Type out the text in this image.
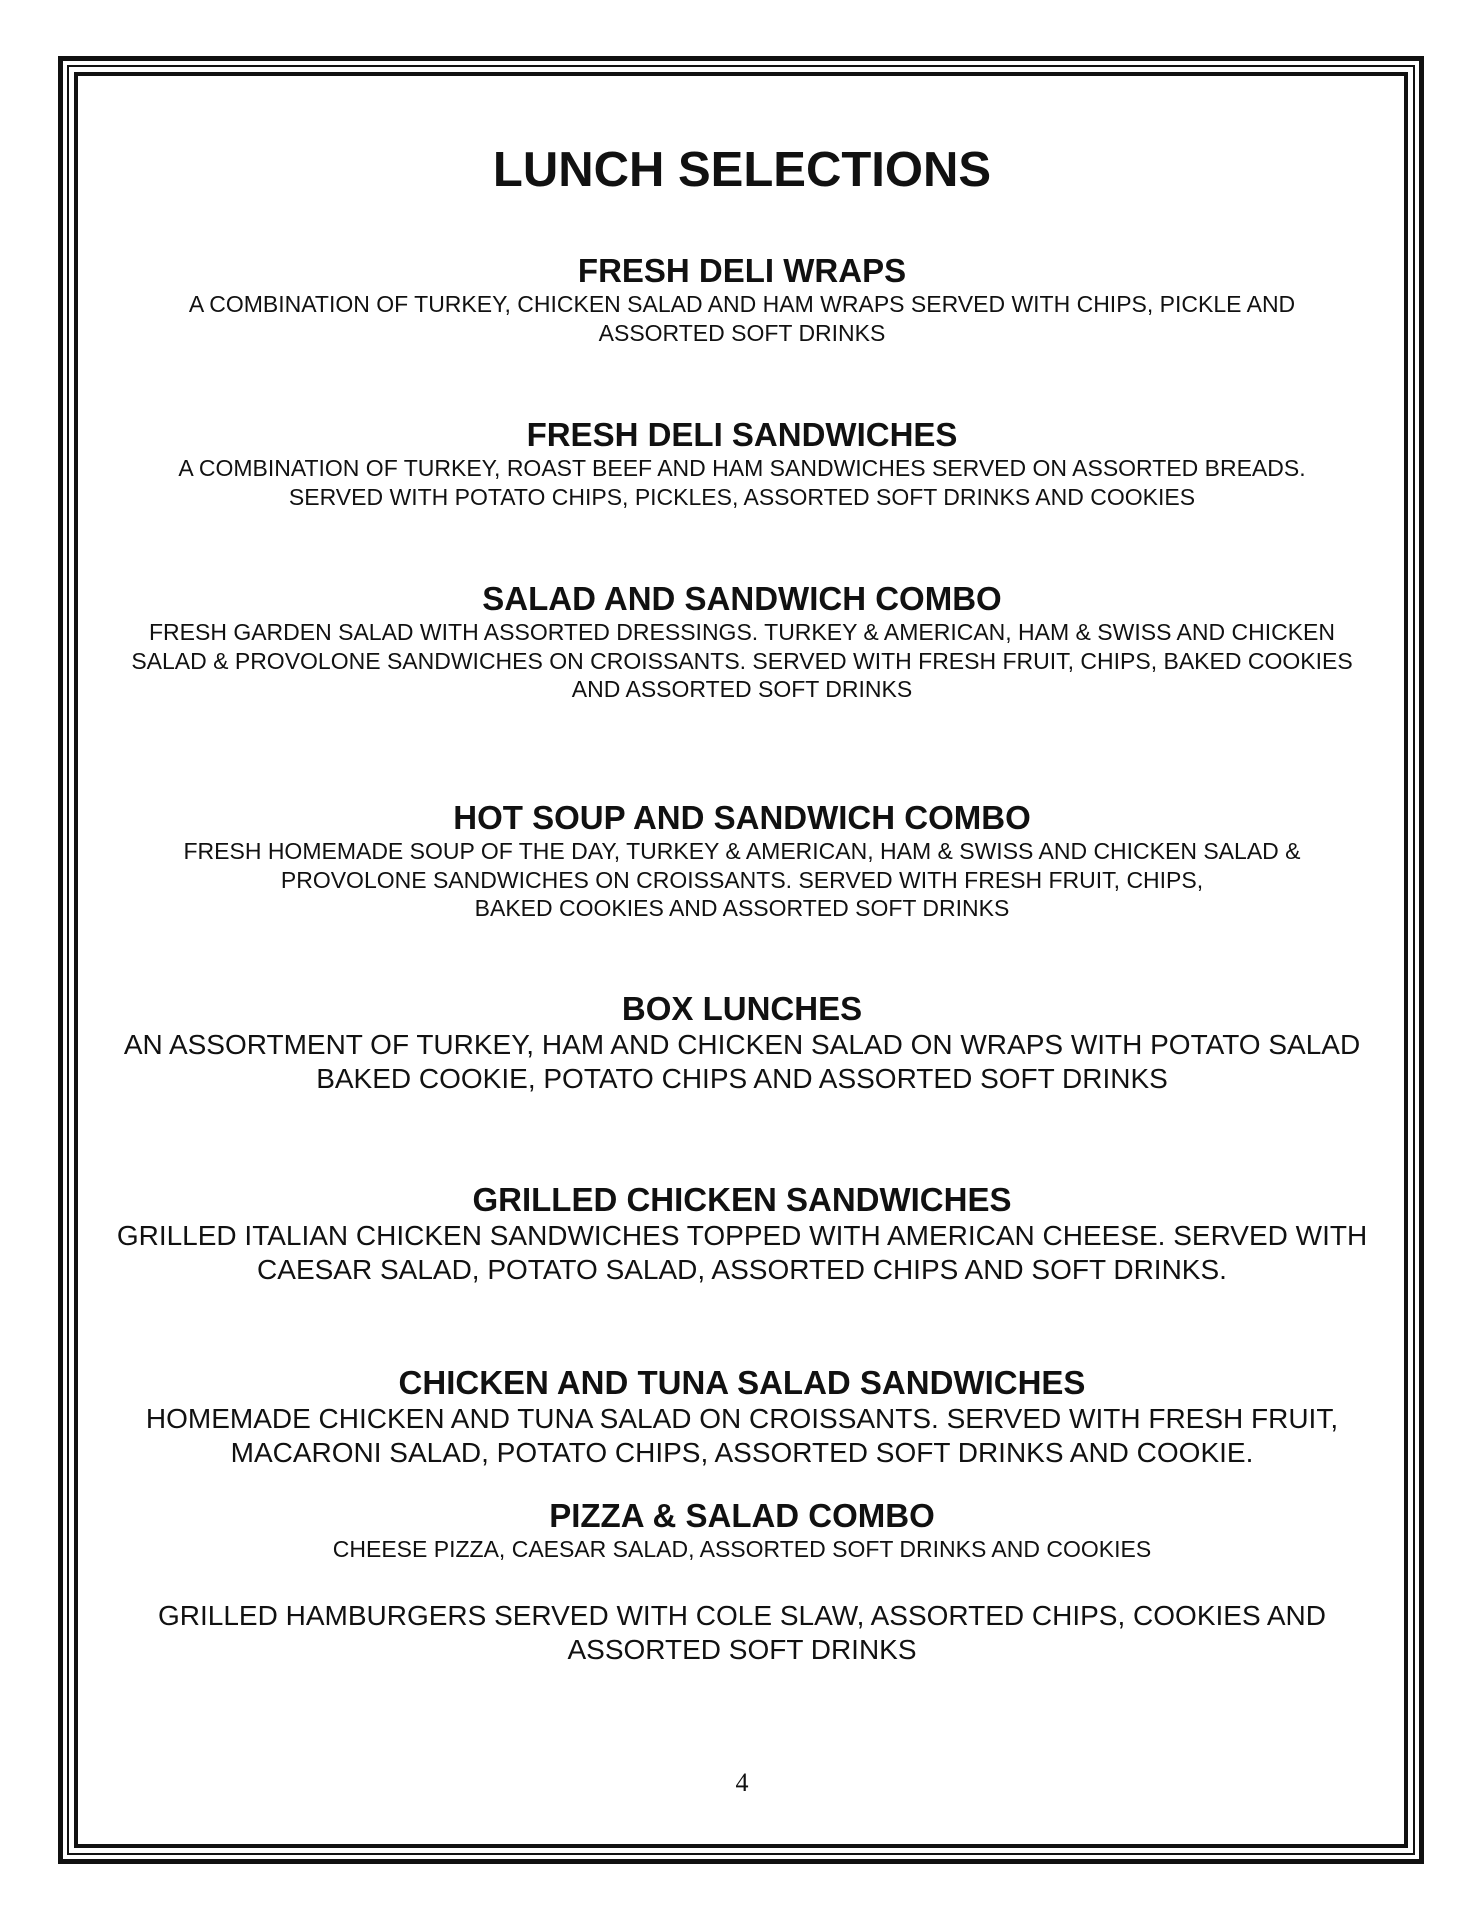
LUNCH SELECTIONS
FRESH DELI WRAPS

A COMBINATION OF TURKEY, CHICKEN SALAD AND HAM WRAPS SERVED WITH CHIPS, PICKLE AND
ASSORTED SOFT DRINKS

FRESH DELI SANDWICHES

A COMBINATION OF TURKEY, ROAST BEEF AND HAM SANDWICHES SERVED ON ASSORTED BREADS.
SERVED WITH POTATO CHIPS, PICKLES, ASSORTED SOFT DRINKS AND COOKIES

SALAD AND SANDWICH COMBO

FRESH GARDEN SALAD WITH ASSORTED DRESSINGS. TURKEY & AMERICAN, HAM & SWISS AND CHICKEN
SALAD & PROVOLONE SANDWICHES ON CROISSANTS. SERVED WITH FRESH FRUIT, CHIPS, BAKED COOKIES
AND ASSORTED SOFT DRINKS

HOT SOUP AND SANDWICH COMBO

FRESH HOMEMADE SOUP OF THE DAY, TURKEY & AMERICAN, HAM & SWISS AND CHICKEN SALAD &
PROVOLONE SANDWICHES ON CROISSANTS. SERVED WITH FRESH FRUIT, CHIPS,
BAKED COOKIES AND ASSORTED SOFT DRINKS

BOX LUNCHES

AN ASSORTMENT OF TURKEY, HAM AND CHICKEN SALAD ON WRAPS WITH POTATO SALAD
BAKED COOKIE, POTATO CHIPS AND ASSORTED SOFT DRINKS

GRILLED CHICKEN SANDWICHES

GRILLED ITALIAN CHICKEN SANDWICHES TOPPED WITH AMERICAN CHEESE. SERVED WITH
CAESAR SALAD, POTATO SALAD, ASSORTED CHIPS AND SOFT DRINKS.

CHICKEN AND TUNA SALAD SANDWICHES

HOMEMADE CHICKEN AND TUNA SALAD ON CROISSANTS. SERVED WITH FRESH FRUIT,
MACARONI SALAD, POTATO CHIPS, ASSORTED SOFT DRINKS AND COOKIE.

PIZZA & SALAD COMBO

CHEESE PIZZA, CAESAR SALAD, ASSORTED SOFT DRINKS AND COOKIES

GRILLED HAMBURGERS SERVED WITH COLE SLAW, ASSORTED CHIPS, COOKIES AND
ASSORTED SOFT DRINKS

4
